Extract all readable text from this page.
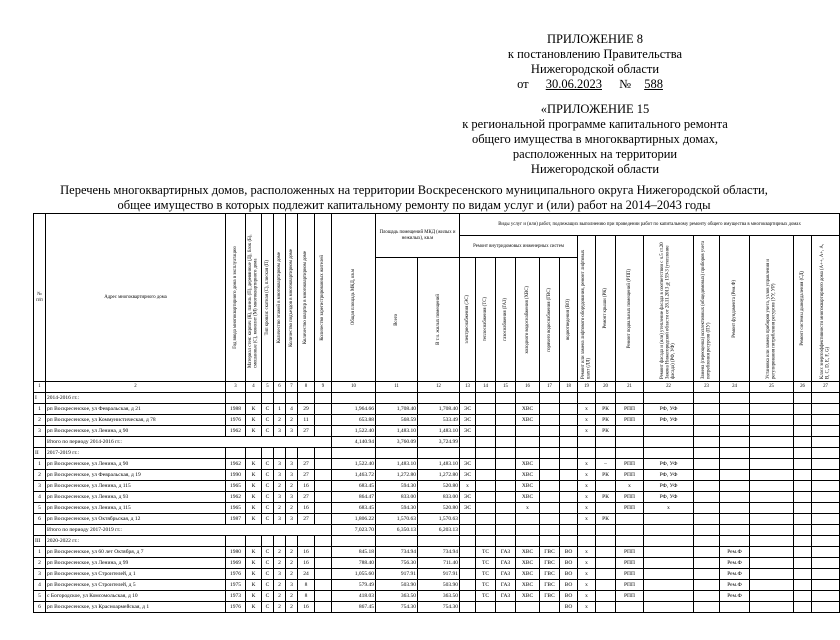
ПРИЛОЖЕНИЕ 8
к постановлению Правительства
Нижегородской области
от 30.06.2023 № 588
«ПРИЛОЖЕНИЕ 15
к региональной программе капитального ремонта
общего имущества в многоквартирных домах,
расположенных на территории
Нижегородской области
Перечень многоквартирных домов, расположенных на территории Воскресенского муниципального округа Нижегородской области,
общее имущество в которых подлежит капитальному ремонту по видам услуг и (или) работ на 2014–2043 годы
№ п/п	Адрес многоквартирного дома	Год ввода многоквартирного дома в эксплуатацию	Материал стен: кирпич (К), панель (П), деревянные (Д), блок (Б), смешанные (С), монолит (М) многоквартирного дома	Тип кровли: скатная (С), плоская (П)	Количество этажей в многоквартирном доме	Количество подъездов в многоквартирном доме	Количество квартир в многоквартирном доме	Количество зарегистрированных жителей	Общая площадь МКД, кв.м	Площадь помещений МКД (жилых и нежилых), кв.м		Виды услуг и (или) работ, подлежащих выполнению при проведении работ по капитальному ремонту общего имущества в многоквартирных домах														
												Ремонт внутридомовых инженерных систем						Ремонт или замена лифтового оборудования, ремонт лифтовых шахт (ЛЛ)	Ремонт крыши (РК)	Ремонт подвальных помещений (РПП)	Ремонт фасада и (или) утепление фасада в соответствии с ч.5 ст.20 Закона Нижегородской области от 28.11.2013 №159-З (утепление фасада) (РФ, УФ)	Замена (переоценка) коллективных (общедомовых) приборов учета потребления ресурсов (ПУ)	Ремонт фундамента (Рем.Ф)	Установка или замена приборов учета, узлов управления и регулирования потребления ресурсов (УУ, УР)	Ремонт системы дымоудаления (СД)	Класс энергоэффективности многоквартирного дома (А++, А+, А, В, С, D, E, F, G)

										Всего	В т.ч. жилых помещений	электроснабжения (ЭС)	теплоснабжения (ТС)	газоснабжения (ГАЗ)	холодного водоснабжения (ХВС)	горячего водоснабжения (ГВС)	водоотведения (ВО)									

1	2	3	4	5	6	7	8	9	10	11	12	13	14	15	16	17	18	19	20	21	22	23	24	25	26	27
I	2014-2016 гг.:																									
1	рп Воскресенское, ул Февральская, д 21	1988	К	С	1	4	29		1,964.66	1,708.40	1,708.40	ЭС			ХВС			х	РК	РПП	РФ, УФ					
2	рп Воскресенское, ул Коммунистическая, д 78	1976	К	С	2	2	11		653.88	568.59	533.49	ЭС			ХВС			х	РК	РПП	РФ, УФ					
3	рп Воскресенское, ул Ленина, д 90	1962	К	С	3	3	27		1,522.40	1,483.10	1,483.10	ЭС						х	РК							
	Итого по периоду 2014-2016 гг.:								4,140.94	3,760.09	3,724.99															
II	2017-2019 гг.:																									
1	рп Воскресенское, ул Ленина, д 90	1962	К	С	3	3	27		1,522.40	1,483.10	1,483.10	ЭС			ХВС			х	–	РПП	РФ, УФ					
2	рп Воскресенское, ул Февральская, д 19	1990	К	С	3	3	27		1,463.72	1,272.80	1,272.80	ЭС			ХВС			х	РК	РПП	РФ, УФ					
3	рп Воскресенское, ул Ленина, д 115	1965	К	С	2	2	16		683.45	594.30	520.80	х			ХВС			х		х	РФ, УФ					
4	рп Воскресенское, ул Ленина, д 93	1962	К	С	3	3	27		864.47	833.00	833.00	ЭС			ХВС			х	РК	РПП	РФ, УФ					
5	рп Воскресенское, ул Ленина, д 115	1965	К	С	2	2	16		683.45	594.30	520.80	ЭС			х			х		РПП	х					
6	рп Воскресенское, ул Октябрьская, д 12	1987	К	С	3	3	27		1,806.22	1,570.63	1,570.63							х	РК							
	Итого по периоду 2017-2019 гг.:								7,023.70	6,350.13	6,203.13															
III	2020-2022 гг.:																									
1	рп Воскресенское, ул 60 лет Октября, д 7	1980	К	С	2	2	16		845.18	734.94	734.94		ТС	ГАЗ	ХВС	ГВС	ВО	х		РПП			Рем.Ф			
2	рп Воскресенское, ул Ленина, д 99	1969	К	С	2	2	16		788.40	756.30	711.40		ТС	ГАЗ	ХВС	ГВС	ВО	х		РПП			Рем.Ф			
3	рп Воскресенское, ул Строителей, д 1	1976	К	С	3	2	24		1,055.60	917.91	917.91		ТС	ГАЗ	ХВС	ГВС	ВО	х		РПП			Рем.Ф			
4	рп Воскресенское, ул Строителей, д 5	1975	К	С	2	3	8		579.49	503.90	503.90		ТС	ГАЗ	ХВС	ГВС	ВО	х		РПП			Рем.Ф			
5	с Богородское, ул Комсомольская, д 10	1973	К	С	2	2	8		418.03	363.50	363.50		ТС	ГАЗ	ХВС	ГВС	ВО	х		РПП			Рем.Ф			
6	рп Воскресенское, ул Красноармейская, д 1	1976	К	С	2	2	16		867.45	754.30	754.30						ВО	х								
